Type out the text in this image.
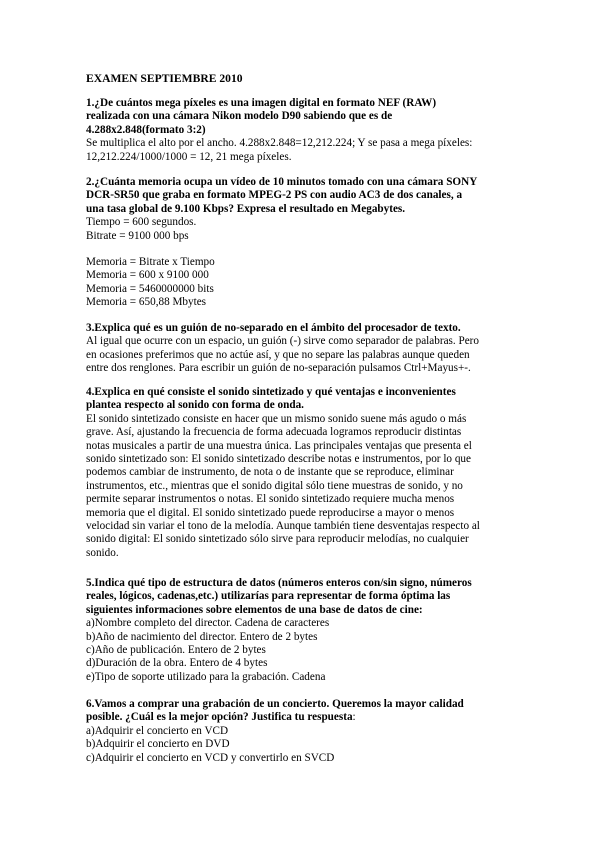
EXAMEN SEPTIEMBRE 2010
1.¿De cuántos mega píxeles es una imagen digital en formato NEF (RAW)
realizada con una cámara Nikon modelo D90 sabiendo que es de
4.288x2.848(formato 3:2)
Se multiplica el alto por el ancho. 4.288x2.848=12,212.224; Y se pasa a mega píxeles:
12,212.224/1000/1000 = 12, 21 mega píxeles.
2.¿Cuánta memoria ocupa un vídeo de 10 minutos tomado con una cámara SONY
DCR-SR50 que graba en formato MPEG-2 PS con audio AC3 de dos canales, a
una tasa global de 9.100 Kbps? Expresa el resultado en Megabytes.
Tiempo = 600 segundos.
Bitrate = 9100 000 bps
Memoria = Bitrate x Tiempo
Memoria = 600 x 9100 000
Memoria = 5460000000 bits
Memoria = 650,88 Mbytes
3.Explica qué es un guión de no-separado en el ámbito del procesador de texto.
Al igual que ocurre con un espacio, un guión (-) sirve como separador de palabras. Pero
en ocasiones preferimos que no actúe así, y que no separe las palabras aunque queden
entre dos renglones. Para escribir un guión de no-separación pulsamos Ctrl+Mayus+-.
4.Explica en qué consiste el sonido sintetizado y qué ventajas e inconvenientes
plantea respecto al sonido con forma de onda.
El sonido sintetizado consiste en hacer que un mismo sonido suene más agudo o más
grave. Así, ajustando la frecuencia de forma adecuada logramos reproducir distintas
notas musicales a partir de una muestra única. Las principales ventajas que presenta el
sonido sintetizado son: El sonido sintetizado describe notas e instrumentos, por lo que
podemos cambiar de instrumento, de nota o de instante que se reproduce, eliminar
instrumentos, etc., mientras que el sonido digital sólo tiene muestras de sonido, y no
permite separar instrumentos o notas. El sonido sintetizado requiere mucha menos
memoria que el digital. El sonido sintetizado puede reproducirse a mayor o menos
velocidad sin variar el tono de la melodía. Aunque también tiene desventajas respecto al
sonido digital: El sonido sintetizado sólo sirve para reproducir melodías, no cualquier
sonido.
5.Indica qué tipo de estructura de datos (números enteros con/sin signo, números
reales, lógicos, cadenas,etc.) utilizarías para representar de forma óptima las
siguientes informaciones sobre elementos de una base de datos de cine:
a)Nombre completo del director. Cadena de caracteres
b)Año de nacimiento del director. Entero de 2 bytes
c)Año de publicación. Entero de 2 bytes
d)Duración de la obra. Entero de 4 bytes
e)Tipo de soporte utilizado para la grabación. Cadena
6.Vamos a comprar una grabación de un concierto. Queremos la mayor calidad
posible. ¿Cuál es la mejor opción? Justifica tu respuesta:
a)Adquirir el concierto en VCD
b)Adquirir el concierto en DVD
c)Adquirir el concierto en VCD y convertirlo en SVCD
